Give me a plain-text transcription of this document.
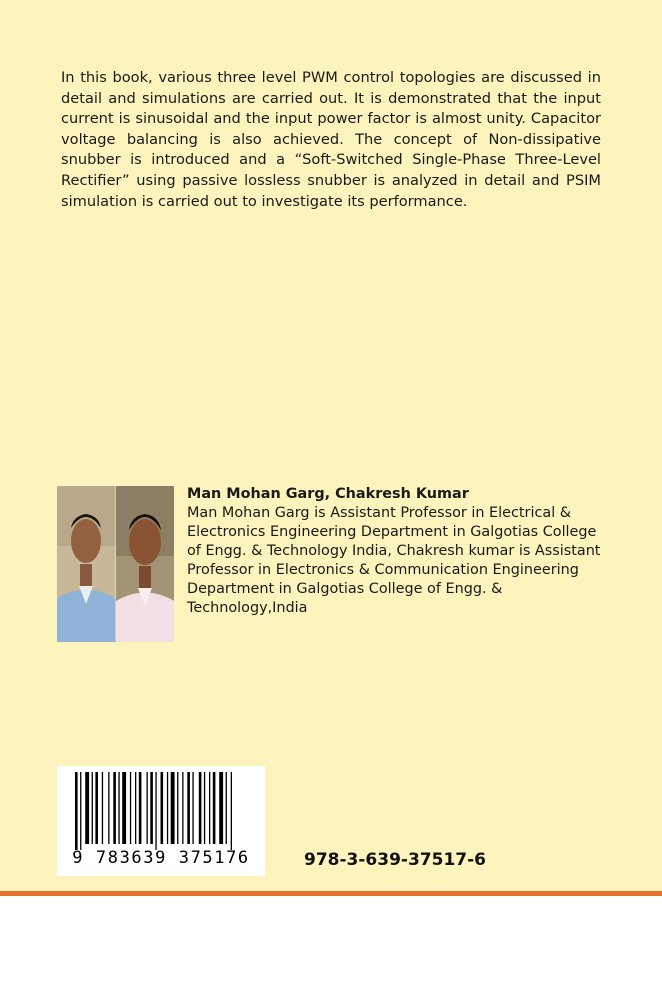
In this book, various three level PWM control topologies are discussed in detail and simulations are carried out. It is demonstrated that the input current is sinusoidal and the input power factor is almost unity. Capacitor voltage balancing is also achieved. The concept of Non-dissipative snubber is introduced and a “Soft-Switched Single-Phase Three-Level Rectifier” using passive lossless snubber is analyzed in detail and PSIM simulation is carried out to investigate its performance.

Man Mohan Garg, Chakresh Kumar

Man Mohan Garg is Assistant Professor in Electrical & Electronics Engineering Department in Galgotias College of Engg. & Technology India, Chakresh kumar is Assistant Professor in Electronics & Communication Engineering Department in Galgotias College of Engg. & Technology,India

9 783639 375176	978-3-639-37517-6
